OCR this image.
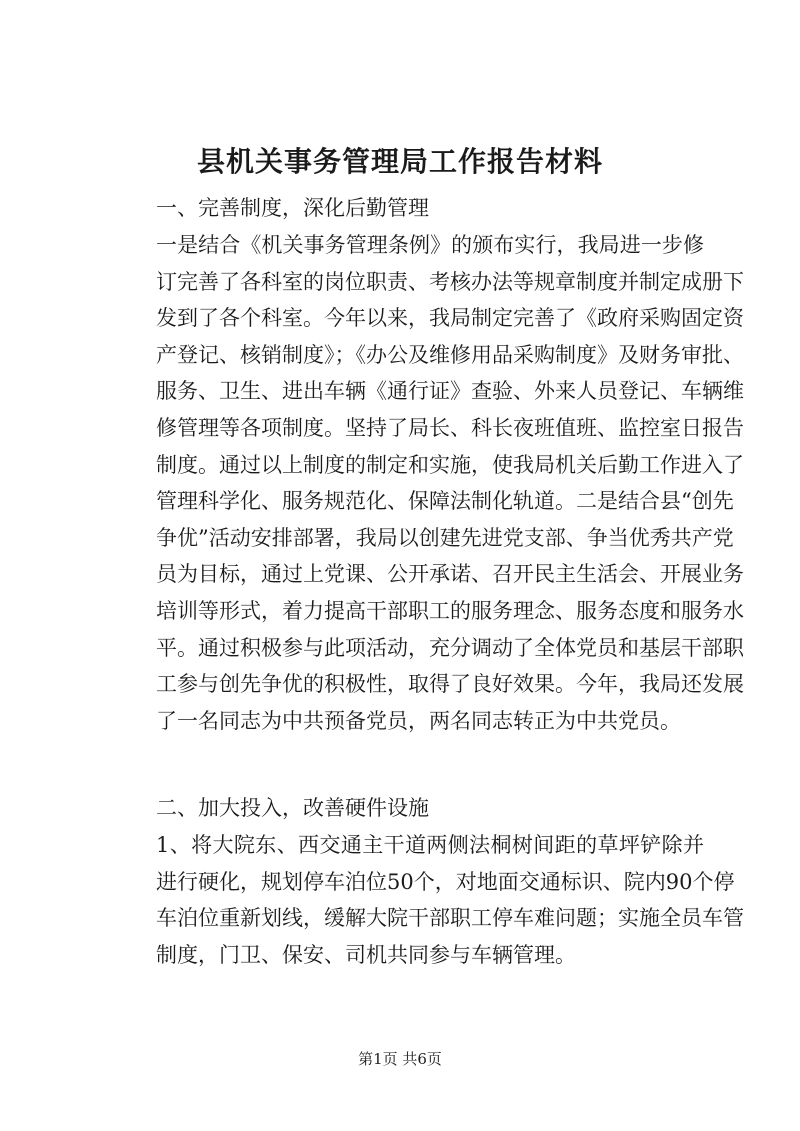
县机关事务管理局工作报告材料
一、完善制度，深化后勤管理
一是结合《机关事务管理条例》的颁布实行，我局进一步修
订完善了各科室的岗位职责、考核办法等规章制度并制定成册下
发到了各个科室。今年以来，我局制定完善了《政府采购固定资
产登记、核销制度》；《办公及维修用品采购制度》及财务审批、
服务、卫生、进出车辆《通行证》查验、外来人员登记、车辆维
修管理等各项制度。坚持了局长、科长夜班值班、监控室日报告
制度。通过以上制度的制定和实施，使我局机关后勤工作进入了
管理科学化、服务规范化、保障法制化轨道。二是结合县“创先
争优”活动安排部署，我局以创建先进党支部、争当优秀共产党
员为目标，通过上党课、公开承诺、召开民主生活会、开展业务
培训等形式，着力提高干部职工的服务理念、服务态度和服务水
平。通过积极参与此项活动，充分调动了全体党员和基层干部职
工参与创先争优的积极性，取得了良好效果。今年，我局还发展
了一名同志为中共预备党员，两名同志转正为中共党员。
二、加大投入，改善硬件设施
1、将大院东、西交通主干道两侧法桐树间距的草坪铲除并
进行硬化，规划停车泊位50个，对地面交通标识、院内90个停
车泊位重新划线，缓解大院干部职工停车难问题；实施全员车管
制度，门卫、保安、司机共同参与车辆管理。
第1页 共6页
